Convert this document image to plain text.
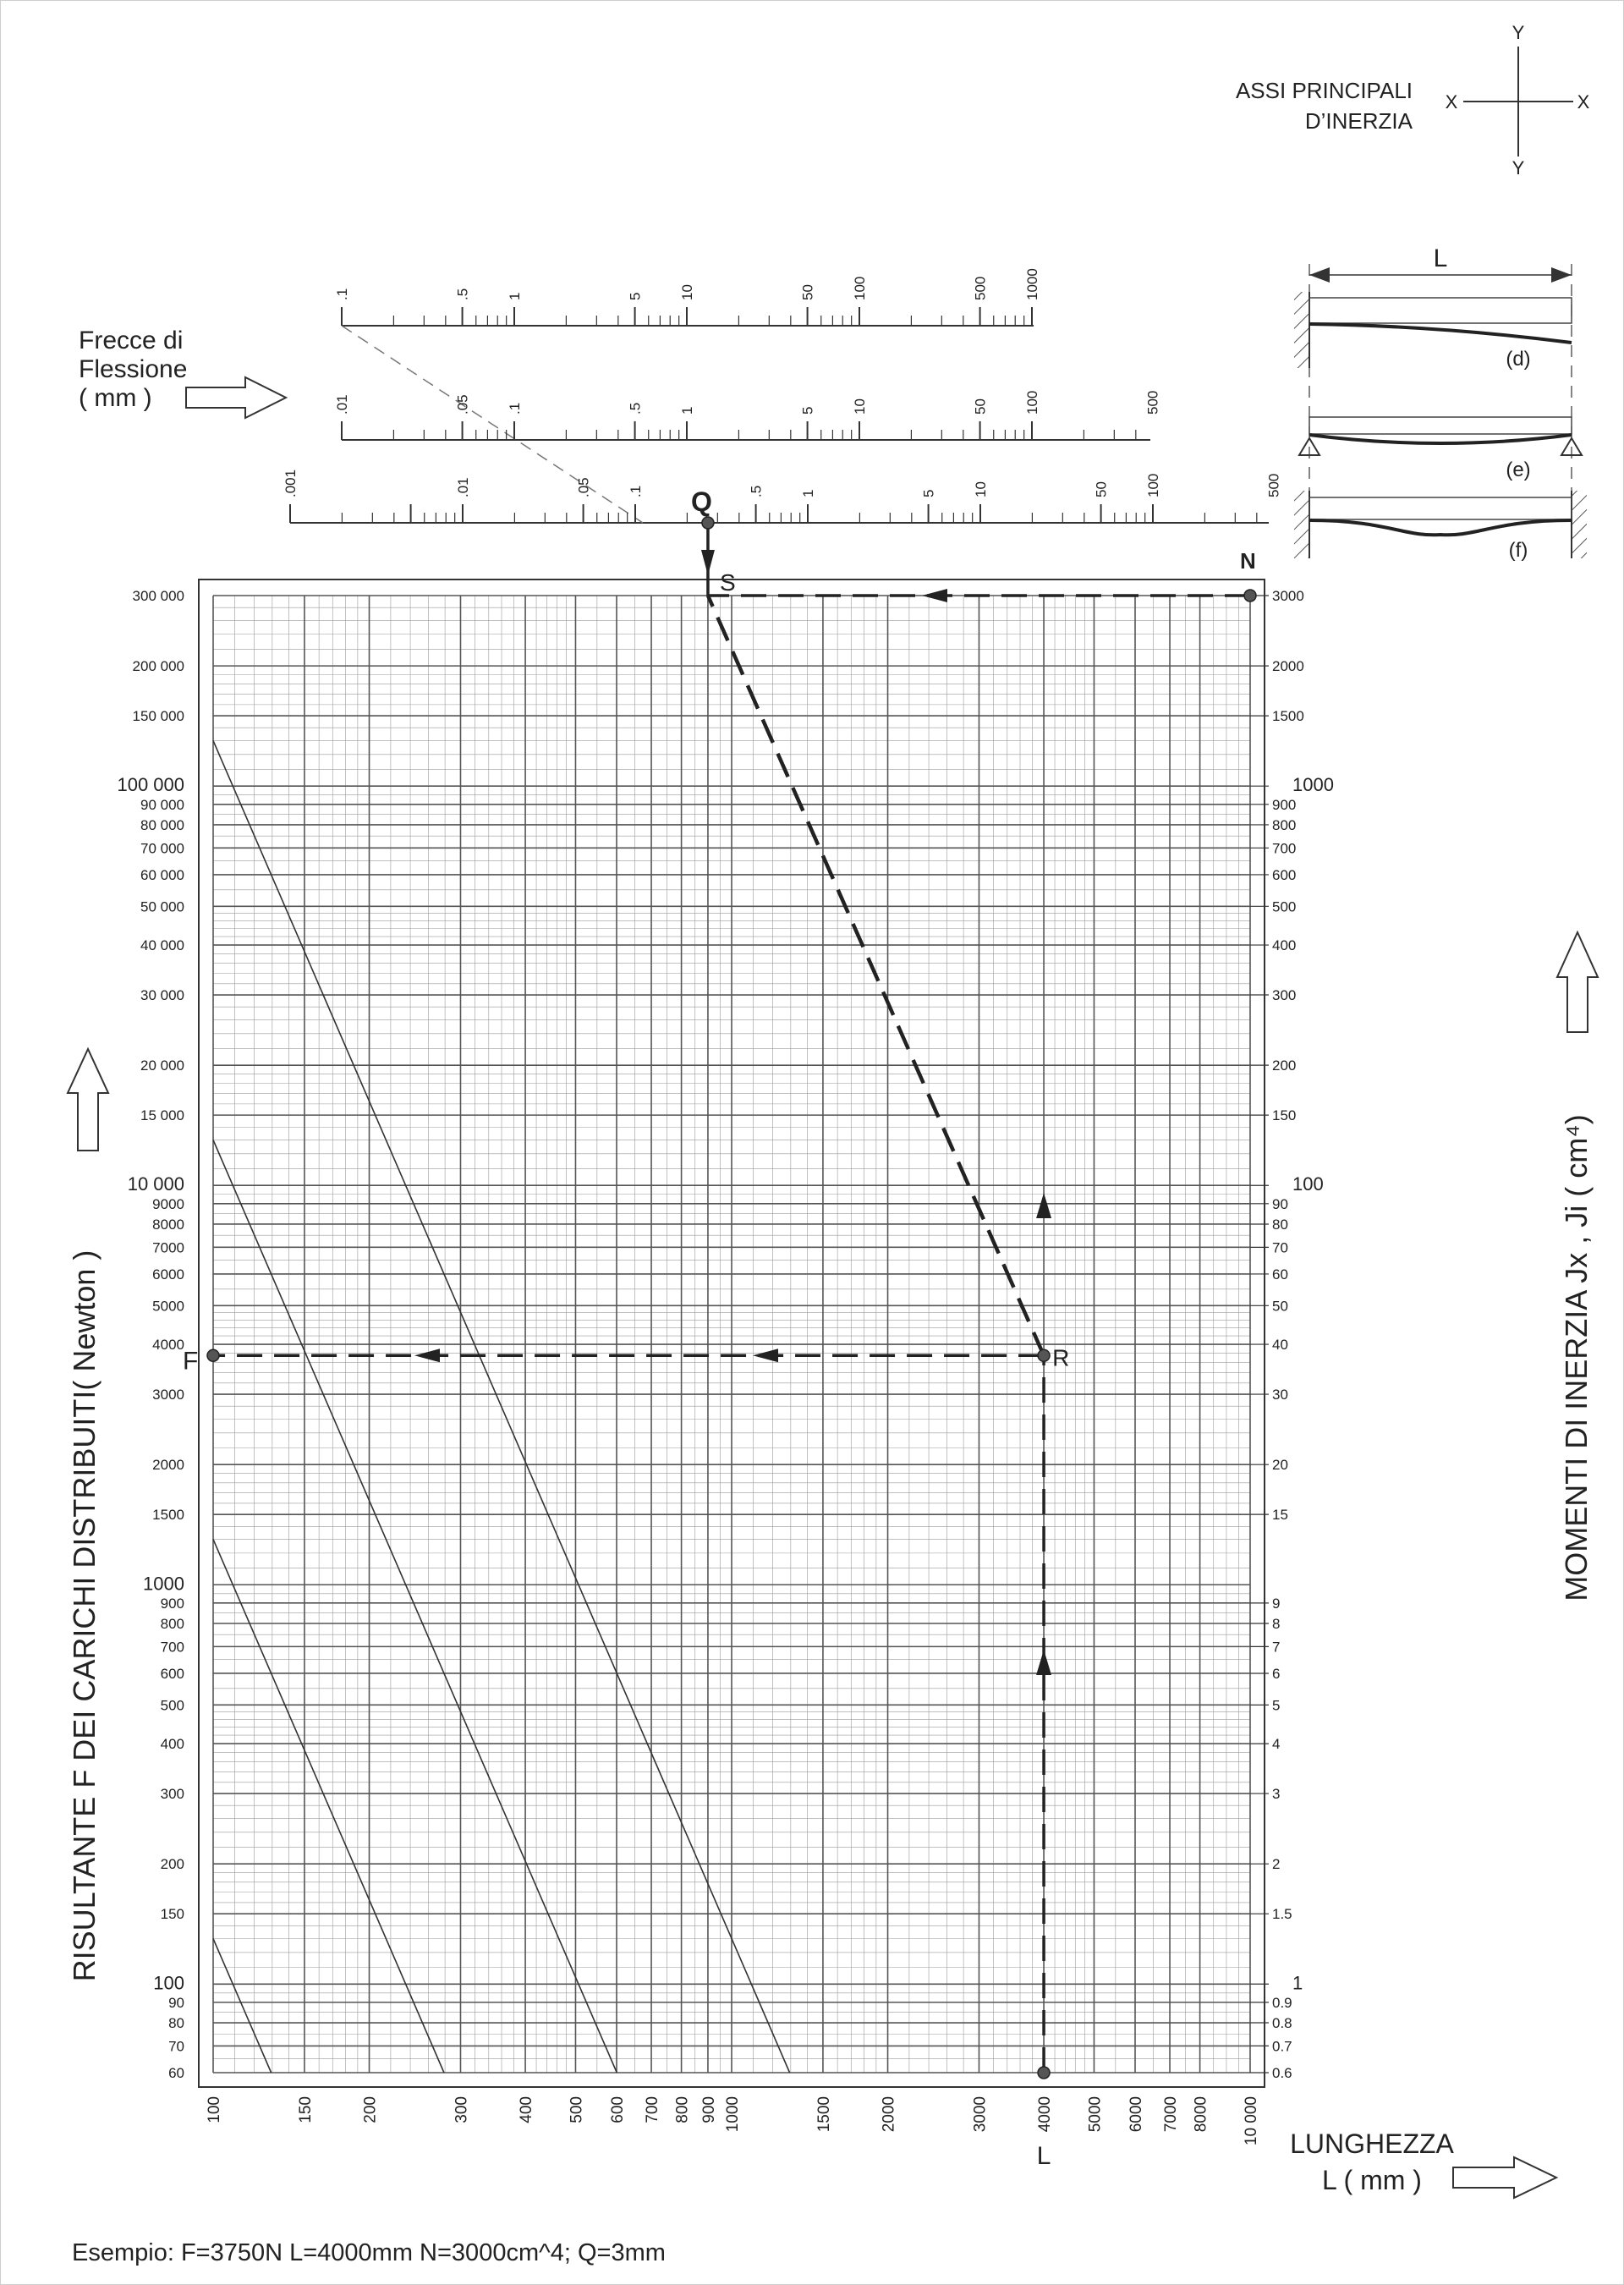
ASSI PRINCIPALI
D’INERZIA
X	X
Y
Y
Frecce di
Flessione
( mm )
.1	.5 1	5 10	50 100	500 1000
.01	.05 .1	.5 1	5 10	50 100	500
.001	.01	.05 .1	.5 1	5 10	50 100	500
L
(d)
(e)
(f)
100	150	200	300	400 500 600 700 800 900 1000	1500	2000	3000	4000 5000 6000 7000 8000 10 000
60
70
80
90
100
150
200
300
400
500
600
700
800
900
1000
1500
2000
3000
4000
5000
6000
7000
8000
9000
10 000
15 000
20 000
30 000
40 000
50 000
60 000
70 000
80 000
90 000
100 000
150 000
200 000
300 000
0.6
0.7
0.8
0.9
1
1.5
2
3
4
5
6
7
8
9
15
20
30
40
50
60
70
80
90
100
150
200
300
400
500
600
700
800
900
1000
1500
2000
3000
L
R
F
S
N
Q
RISULTANTE F DEI CARICHI DISTRIBUITI( Newton )	MOMENTI DI INERZIA Jx , Ji ( cm⁴)
LUNGHEZZA
L ( mm )
Esempio: F=3750N L=4000mm N=3000cm^4; Q=3mm
